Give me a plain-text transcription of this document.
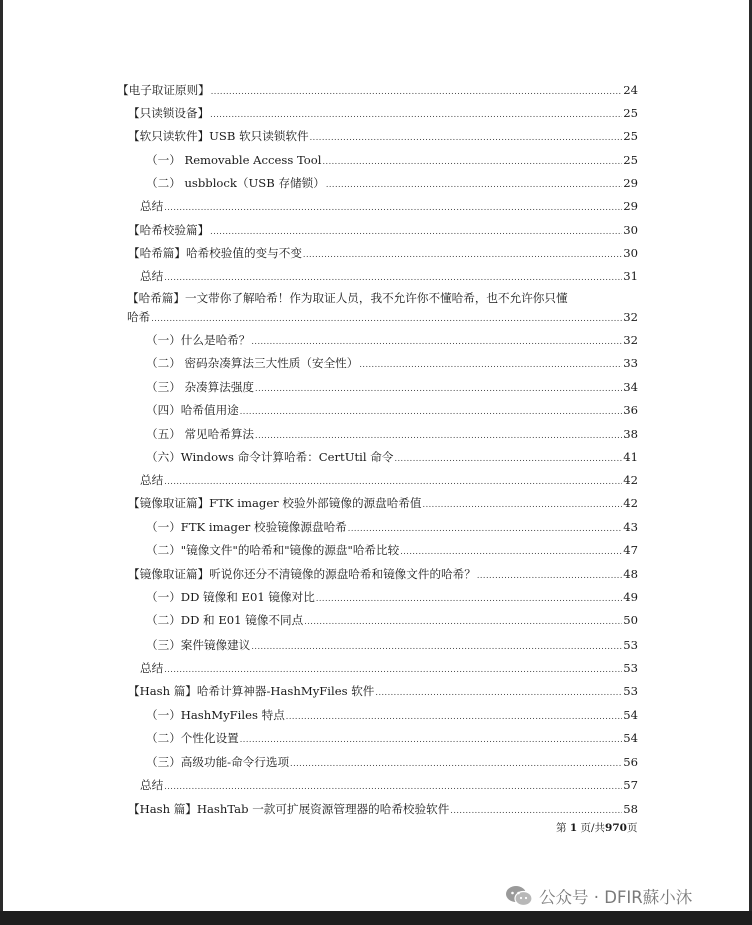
【电子取证原则】 .....	24
【只读锁设备】 .....	25
【软只读软件】USB 软只读锁软件 .....	25
（一） Removable Access Tool .....	25
（二） usbblock（USB 存储锁） .....	29
总结 .....	29
【哈希校验篇】 .....	30
【哈希篇】哈希校验值的变与不变 .....	30
总结 .....	31
【哈希篇】一文带你了解哈希！作为取证人员，我不允许你不懂哈希，也不允许你只懂
哈希 .....	32
（一）什么是哈希？ .....	32
（二） 密码杂凑算法三大性质（安全性） .....	33
（三） 杂凑算法强度 .....	34
（四）哈希值用途 .....	36
（五） 常见哈希算法 .....	38
（六）Windows 命令计算哈希：CertUtil 命令 .....	41
总结 .....	42
【镜像取证篇】FTK imager 校验外部镜像的源盘哈希值 .....	42
（一）FTK imager 校验镜像源盘哈希 .....	43
（二）"镜像文件"的哈希和"镜像的源盘"哈希比较 .....	47
【镜像取证篇】听说你还分不清镜像的源盘哈希和镜像文件的哈希？ .....	48
（一）DD 镜像和 E01 镜像对比 .....	49
（二）DD 和 E01 镜像不同点 .....	50
（三）案件镜像建议 .....	53
总结 .....	53
【Hash 篇】哈希计算神器-HashMyFiles 软件 .....	53
（一）HashMyFiles 特点 .....	54
（二）个性化设置 .....	54
（三）高级功能-命令行选项 .....	56
总结 .....	57
【Hash 篇】HashTab 一款可扩展资源管理器的哈希校验软件 .....	58
第 1 页/共970页
公众号 · DFIR蘇小沐
